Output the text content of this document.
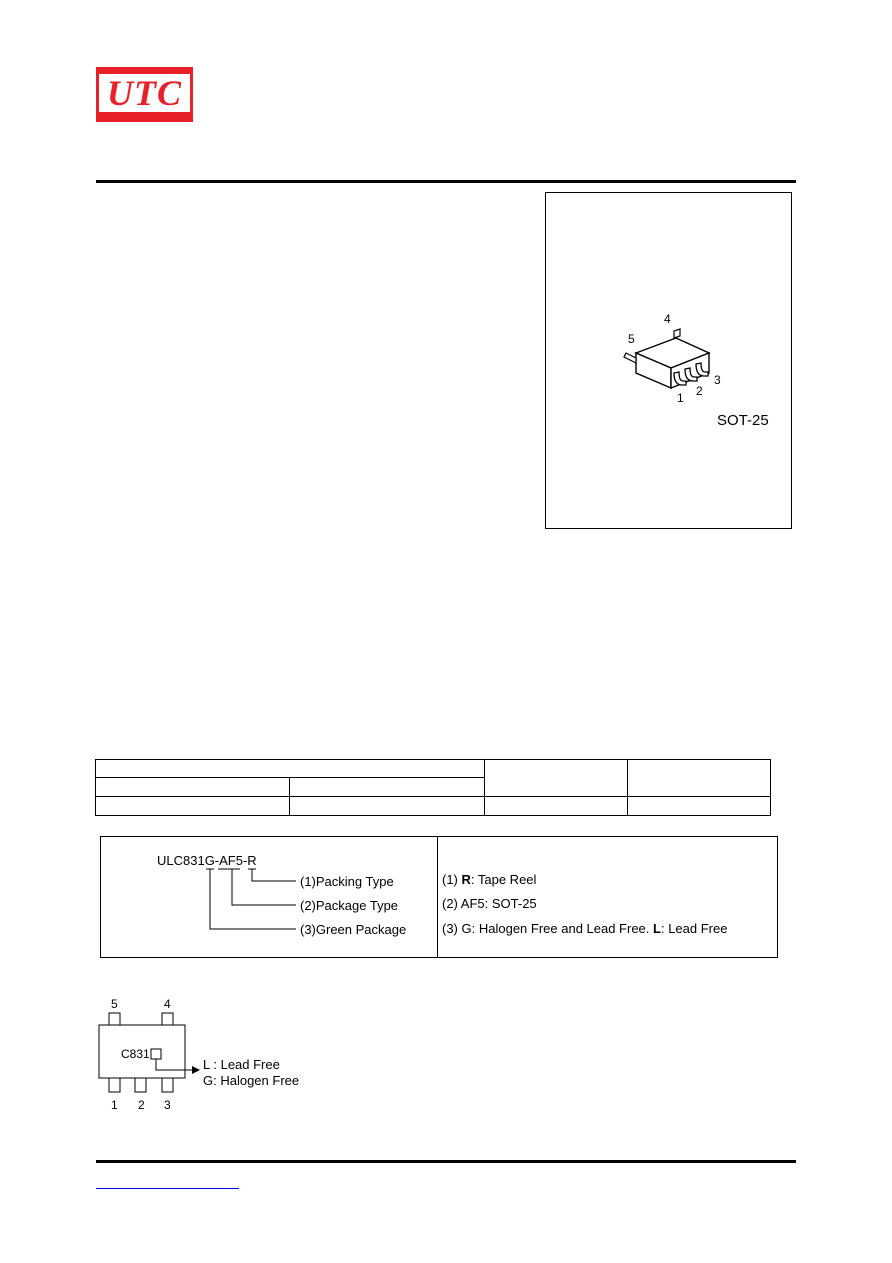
UTC
4
5
1 2
3
SOT-25
ULC831G-AF5-R
(1)Packing Type
(2)Package Type
(3)Green Package
(1) R: Tape Reel
(2) AF5: SOT-25
(3) G: Halogen Free and Lead Free. L: Lead Free
5	4
C831
1 2 3
L : Lead Free
G: Halogen Free
